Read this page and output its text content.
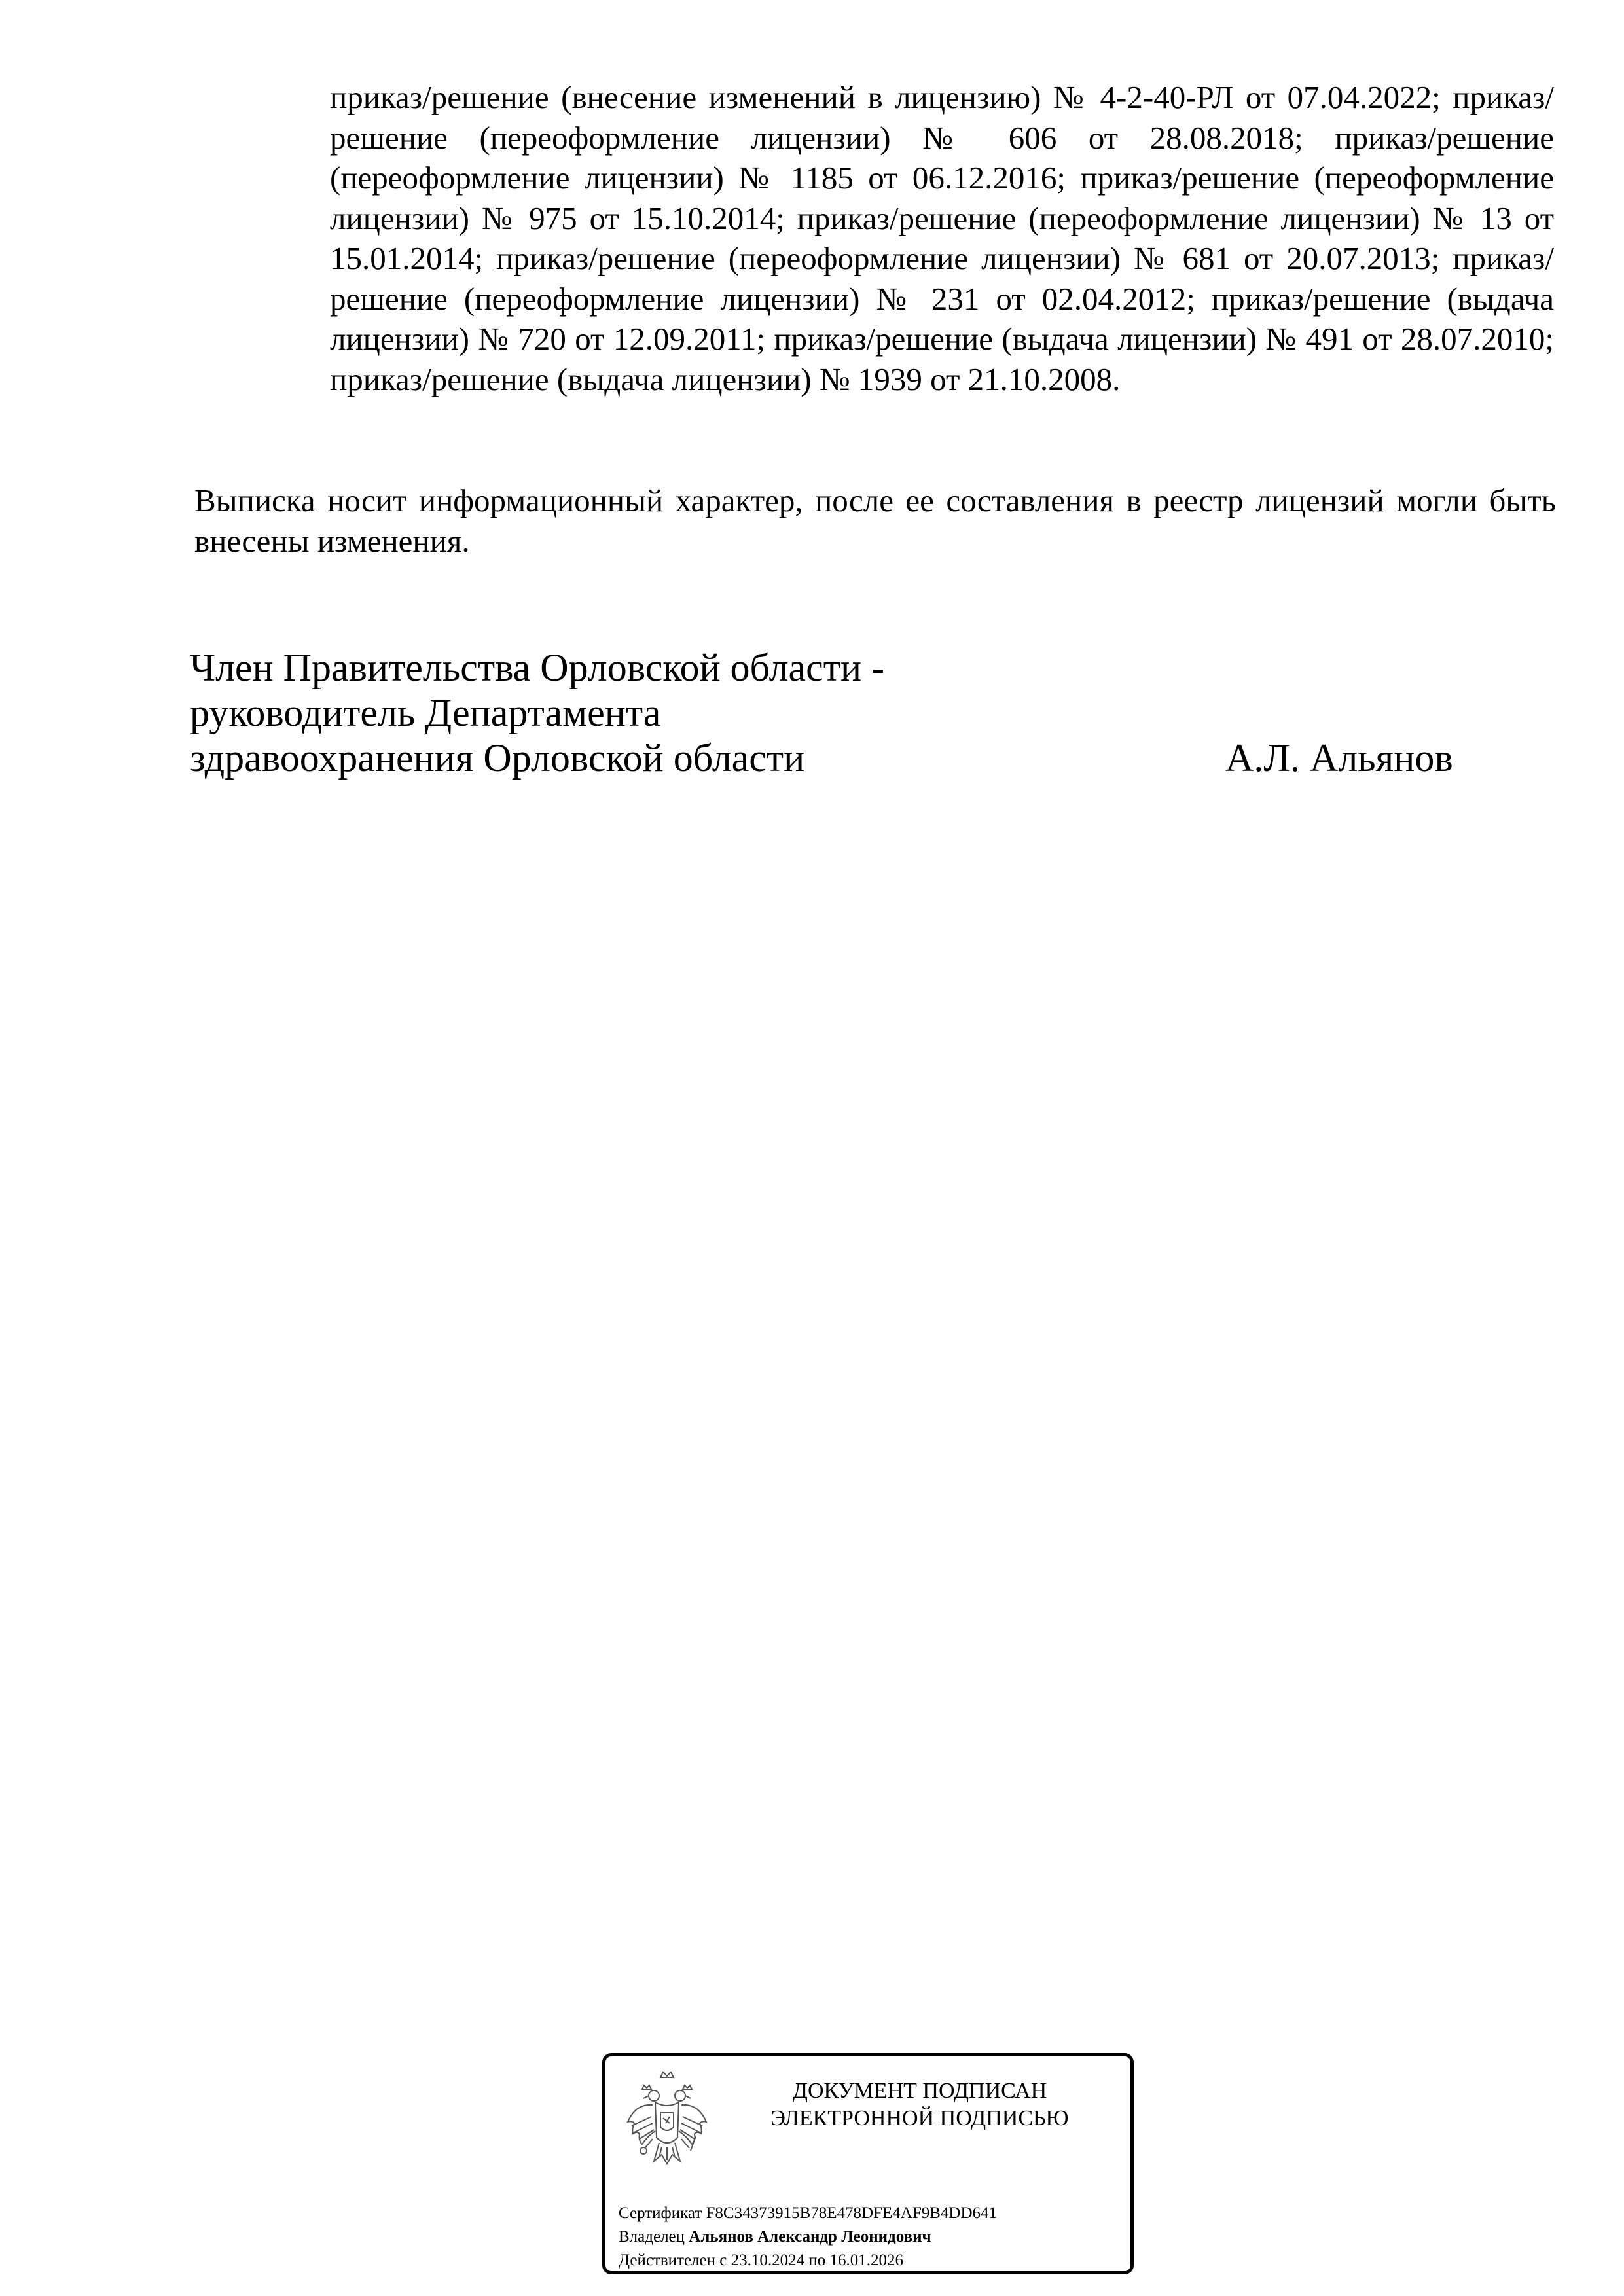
приказ/решение (внесение изменений в лицензию) № 4-2-40-РЛ от 07.04.2022; приказ/решение (переоформление лицензии) № 606 от 28.08.2018; приказ/решение (переоформление лицензии) № 1185 от 06.12.2016; приказ/решение (переоформление лицензии) № 975 от 15.10.2014; приказ/решение (переоформление лицензии) № 13 от 15.01.2014; приказ/решение (переоформление лицензии) № 681 от 20.07.2013; приказ/решение (переоформление лицензии) № 231 от 02.04.2012; приказ/решение (выдача лицензии) № 720 от 12.09.2011; приказ/решение (выдача лицензии) № 491 от 28.07.2010; приказ/решение (выдача лицензии) № 1939 от 21.10.2008.
Выписка носит информационный характер, после ее составления в реестр лицензий могли быть внесены изменения.
Член Правительства Орловской области -
руководитель Департамента
здравоохранения Орловской области	А.Л. Альянов
ДОКУМЕНТ ПОДПИСАН
ЭЛЕКТРОННОЙ ПОДПИСЬЮ
Сертификат F8C34373915B78E478DFE4AF9B4DD641
Владелец Альянов Александр Леонидович
Действителен с 23.10.2024 по 16.01.2026
